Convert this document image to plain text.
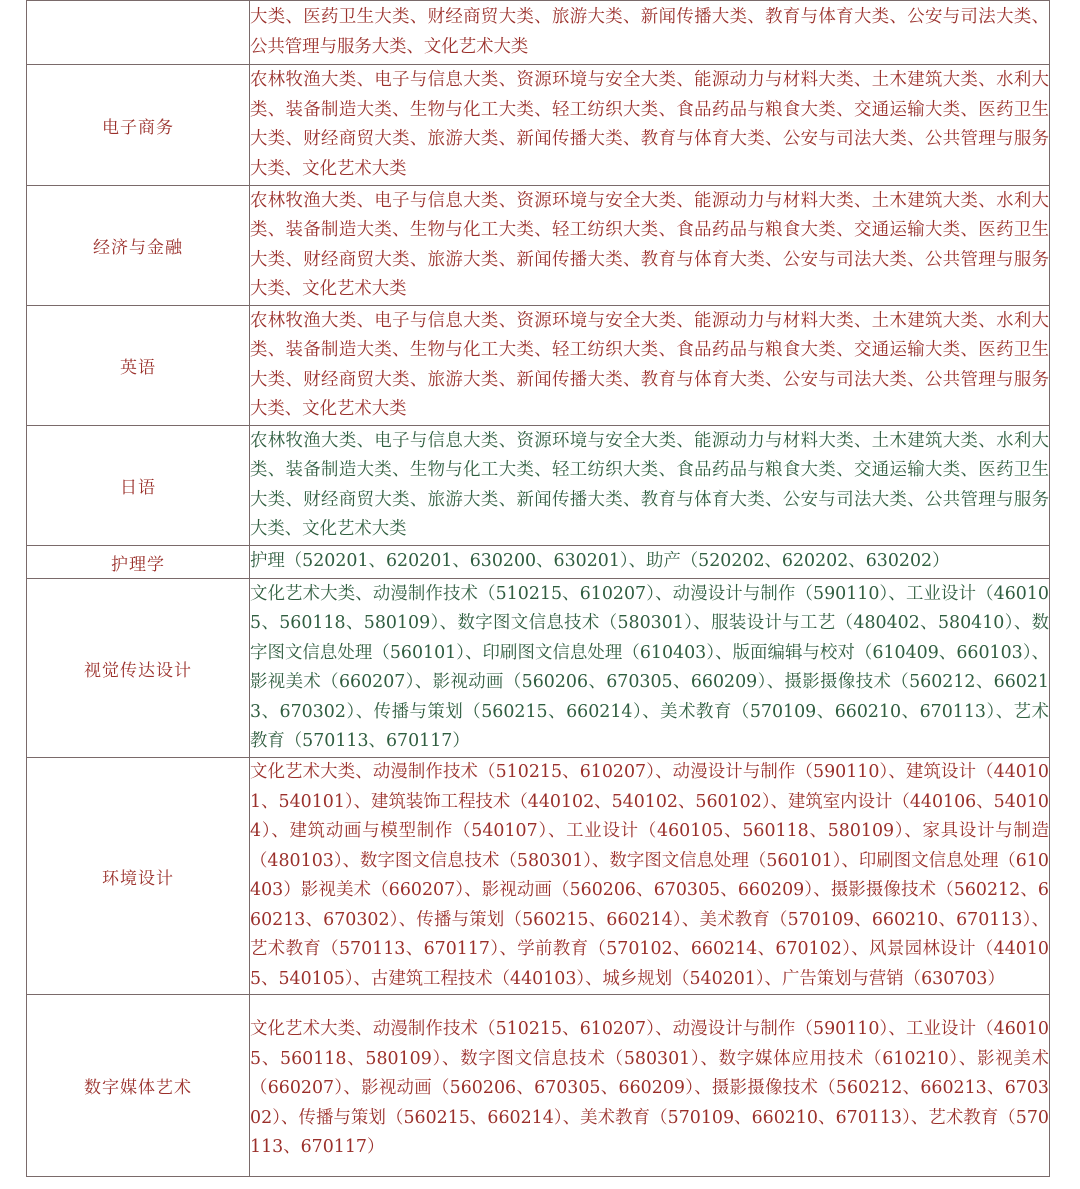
	大类、医药卫生大类、财经商贸大类、旅游大类、新闻传播大类、教育与体育大类、公安与司法大类、公共管理与服务大类、文化艺术大类
电子商务	农林牧渔大类、电子与信息大类、资源环境与安全大类、能源动力与材料大类、土木建筑大类、水利大类、装备制造大类、生物与化工大类、轻工纺织大类、食品药品与粮食大类、交通运输大类、医药卫生大类、财经商贸大类、旅游大类、新闻传播大类、教育与体育大类、公安与司法大类、公共管理与服务大类、文化艺术大类
经济与金融	农林牧渔大类、电子与信息大类、资源环境与安全大类、能源动力与材料大类、土木建筑大类、水利大类、装备制造大类、生物与化工大类、轻工纺织大类、食品药品与粮食大类、交通运输大类、医药卫生大类、财经商贸大类、旅游大类、新闻传播大类、教育与体育大类、公安与司法大类、公共管理与服务大类、文化艺术大类
英语	农林牧渔大类、电子与信息大类、资源环境与安全大类、能源动力与材料大类、土木建筑大类、水利大类、装备制造大类、生物与化工大类、轻工纺织大类、食品药品与粮食大类、交通运输大类、医药卫生大类、财经商贸大类、旅游大类、新闻传播大类、教育与体育大类、公安与司法大类、公共管理与服务大类、文化艺术大类
日语	农林牧渔大类、电子与信息大类、资源环境与安全大类、能源动力与材料大类、土木建筑大类、水利大类、装备制造大类、生物与化工大类、轻工纺织大类、食品药品与粮食大类、交通运输大类、医药卫生大类、财经商贸大类、旅游大类、新闻传播大类、教育与体育大类、公安与司法大类、公共管理与服务大类、文化艺术大类
护理学	护理（520201、620201、630200、630201）、助产（520202、620202、630202）
视觉传达设计	文化艺术大类、动漫制作技术（510215、610207）、动漫设计与制作（590110）、工业设计（460105、560118、580109）、数字图文信息技术（580301）、服装设计与工艺（480402、580410）、数字图文信息处理（560101）、印刷图文信息处理（610403）、版面编辑与校对（610409、660103）、影视美术（660207）、影视动画（560206、670305、660209）、摄影摄像技术（560212、660213、670302）、传播与策划（560215、660214）、美术教育（570109、660210、670113）、艺术教育（570113、670117）
环境设计	文化艺术大类、动漫制作技术（510215、610207）、动漫设计与制作（590110）、建筑设计（440101、540101）、建筑装饰工程技术（440102、540102、560102）、建筑室内设计（440106、540104）、建筑动画与模型制作（540107）、工业设计（460105、560118、580109）、家具设计与制造（480103）、数字图文信息技术（580301）、数字图文信息处理（560101）、印刷图文信息处理（610403）影视美术（660207）、影视动画（560206、670305、660209）、摄影摄像技术（560212、660213、670302）、传播与策划（560215、660214）、美术教育（570109、660210、670113）、艺术教育（570113、670117）、学前教育（570102、660214、670102）、风景园林设计（440105、540105）、古建筑工程技术（440103）、城乡规划（540201）、广告策划与营销（630703）
数字媒体艺术	文化艺术大类、动漫制作技术（510215、610207）、动漫设计与制作（590110）、工业设计（460105、560118、580109）、数字图文信息技术（580301）、数字媒体应用技术（610210）、影视美术（660207）、影视动画（560206、670305、660209）、摄影摄像技术（560212、660213、670302）、传播与策划（560215、660214）、美术教育（570109、660210、670113）、艺术教育（570113、670117）
